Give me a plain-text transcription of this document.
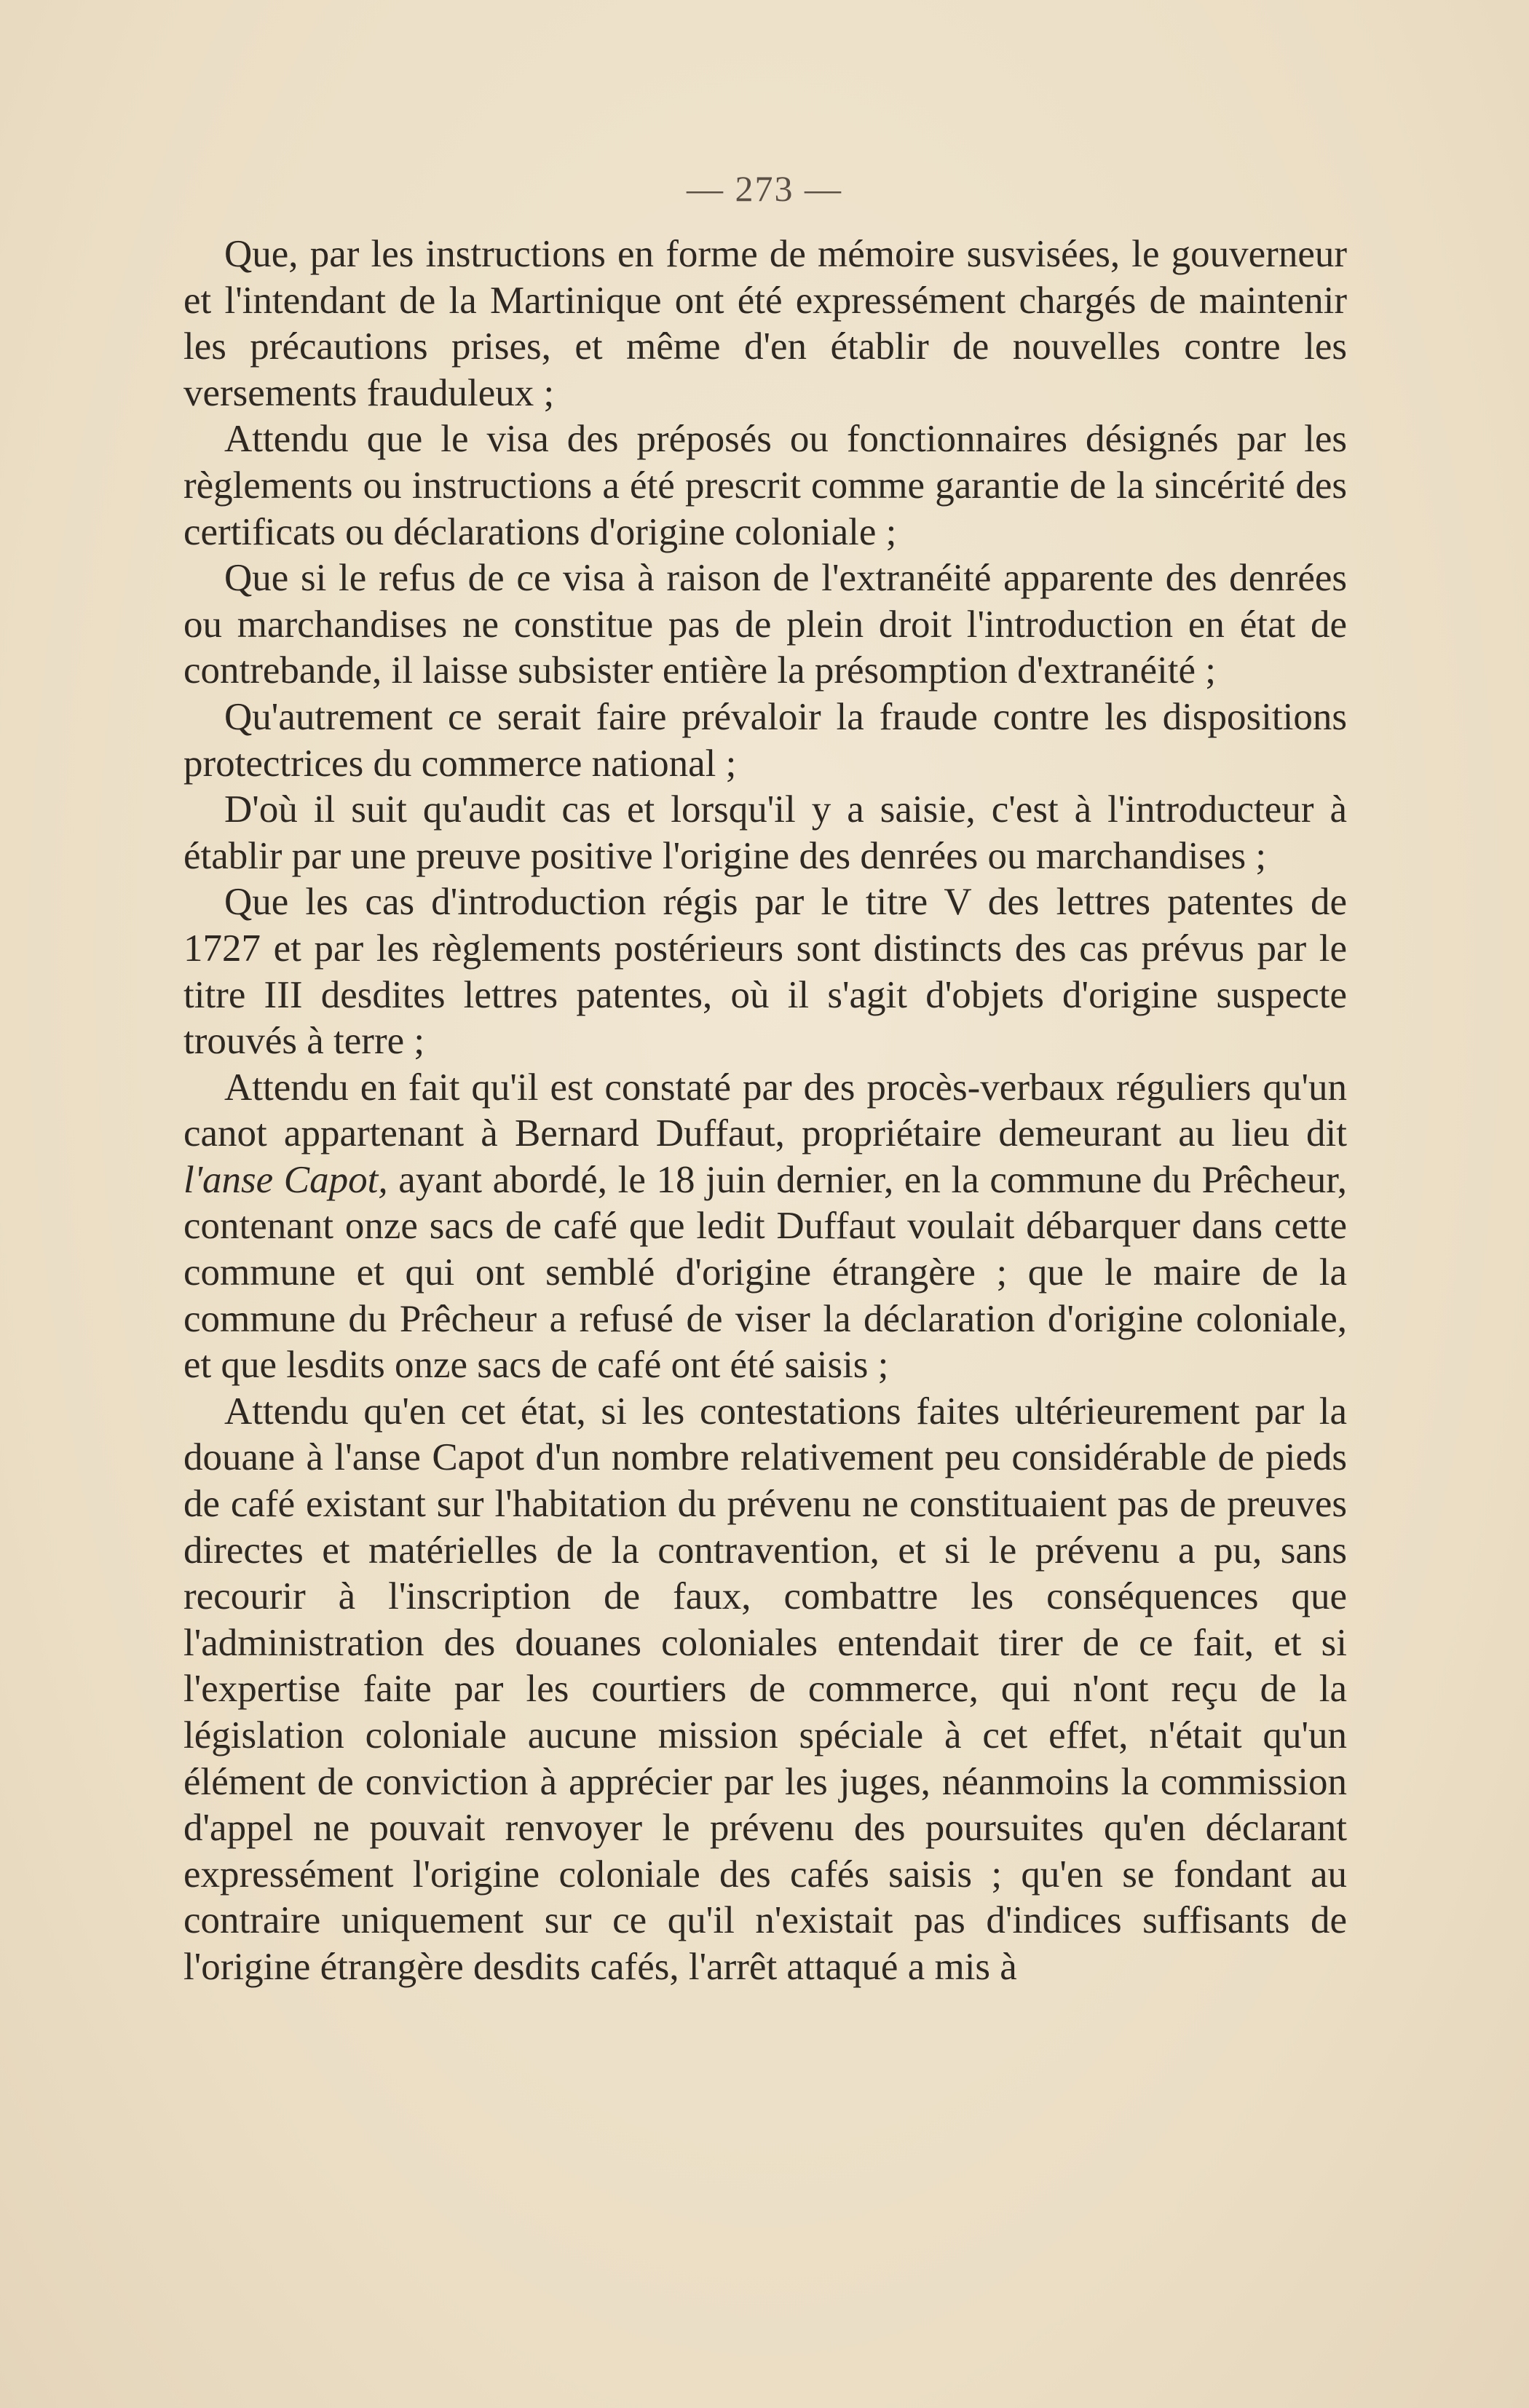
— 273 —

Que, par les instructions en forme de mémoire susvisées, le gouverneur et l'intendant de la Martinique ont été expressément chargés de maintenir les précautions prises, et même d'en établir de nouvelles contre les versements frauduleux ;

Attendu que le visa des préposés ou fonctionnaires désignés par les règlements ou instructions a été prescrit comme garantie de la sincérité des certificats ou déclarations d'origine coloniale ;

Que si le refus de ce visa à raison de l'extranéité apparente des denrées ou marchandises ne constitue pas de plein droit l'introduction en état de contrebande, il laisse subsister entière la présomption d'extranéité ;

Qu'autrement ce serait faire prévaloir la fraude contre les dispositions protectrices du commerce national ;

D'où il suit qu'audit cas et lorsqu'il y a saisie, c'est à l'introducteur à établir par une preuve positive l'origine des denrées ou marchandises ;

Que les cas d'introduction régis par le titre V des lettres patentes de 1727 et par les règlements postérieurs sont distincts des cas prévus par le titre III desdites lettres patentes, où il s'agit d'objets d'origine suspecte trouvés à terre ;

Attendu en fait qu'il est constaté par des procès-verbaux réguliers qu'un canot appartenant à Bernard Duffaut, propriétaire demeurant au lieu dit l'anse Capot, ayant abordé, le 18 juin dernier, en la commune du Prêcheur, contenant onze sacs de café que ledit Duffaut voulait débarquer dans cette commune et qui ont semblé d'origine étrangère ; que le maire de la commune du Prêcheur a refusé de viser la déclaration d'origine coloniale, et que lesdits onze sacs de café ont été saisis ;

Attendu qu'en cet état, si les contestations faites ultérieurement par la douane à l'anse Capot d'un nombre relativement peu considérable de pieds de café existant sur l'habitation du prévenu ne constituaient pas de preuves directes et matérielles de la contravention, et si le prévenu a pu, sans recourir à l'inscription de faux, combattre les conséquences que l'administration des douanes coloniales entendait tirer de ce fait, et si l'expertise faite par les courtiers de commerce, qui n'ont reçu de la législation coloniale aucune mission spéciale à cet effet, n'était qu'un élément de conviction à apprécier par les juges, néanmoins la commission d'appel ne pouvait renvoyer le prévenu des poursuites qu'en déclarant expressément l'origine coloniale des cafés saisis ; qu'en se fondant au contraire uniquement sur ce qu'il n'existait pas d'indices suffisants de l'origine étrangère desdits cafés, l'arrêt attaqué a mis à
